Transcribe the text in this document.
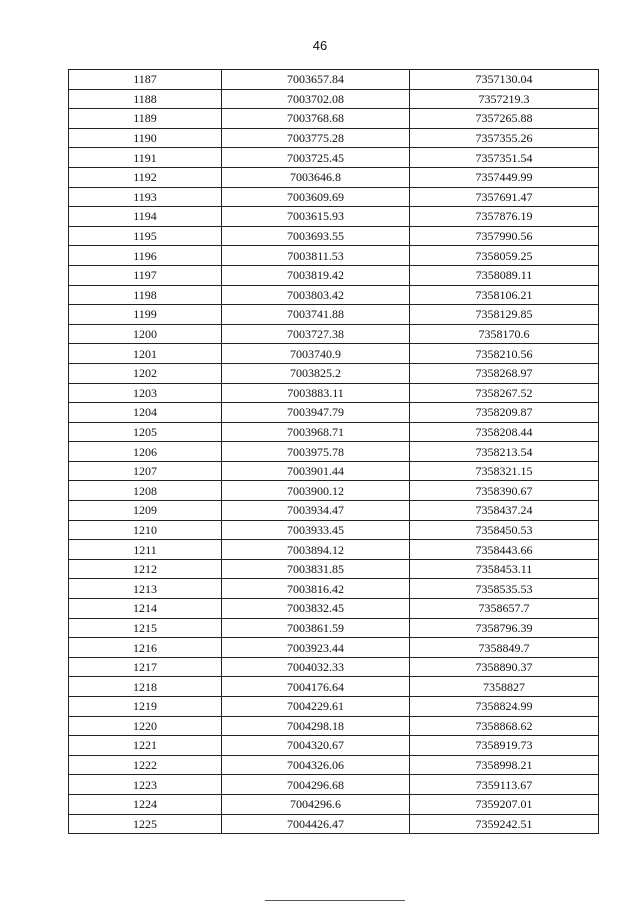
46
1187	7003657.84	7357130.04
1188	7003702.08	7357219.3
1189	7003768.68	7357265.88
1190	7003775.28	7357355.26
1191	7003725.45	7357351.54
1192	7003646.8	7357449.99
1193	7003609.69	7357691.47
1194	7003615.93	7357876.19
1195	7003693.55	7357990.56
1196	7003811.53	7358059.25
1197	7003819.42	7358089.11
1198	7003803.42	7358106.21
1199	7003741.88	7358129.85
1200	7003727.38	7358170.6
1201	7003740.9	7358210.56
1202	7003825.2	7358268.97
1203	7003883.11	7358267.52
1204	7003947.79	7358209.87
1205	7003968.71	7358208.44
1206	7003975.78	7358213.54
1207	7003901.44	7358321.15
1208	7003900.12	7358390.67
1209	7003934.47	7358437.24
1210	7003933.45	7358450.53
1211	7003894.12	7358443.66
1212	7003831.85	7358453.11
1213	7003816.42	7358535.53
1214	7003832.45	7358657.7
1215	7003861.59	7358796.39
1216	7003923.44	7358849.7
1217	7004032.33	7358890.37
1218	7004176.64	7358827
1219	7004229.61	7358824.99
1220	7004298.18	7358868.62
1221	7004320.67	7358919.73
1222	7004326.06	7358998.21
1223	7004296.68	7359113.67
1224	7004296.6	7359207.01
1225	7004426.47	7359242.51
